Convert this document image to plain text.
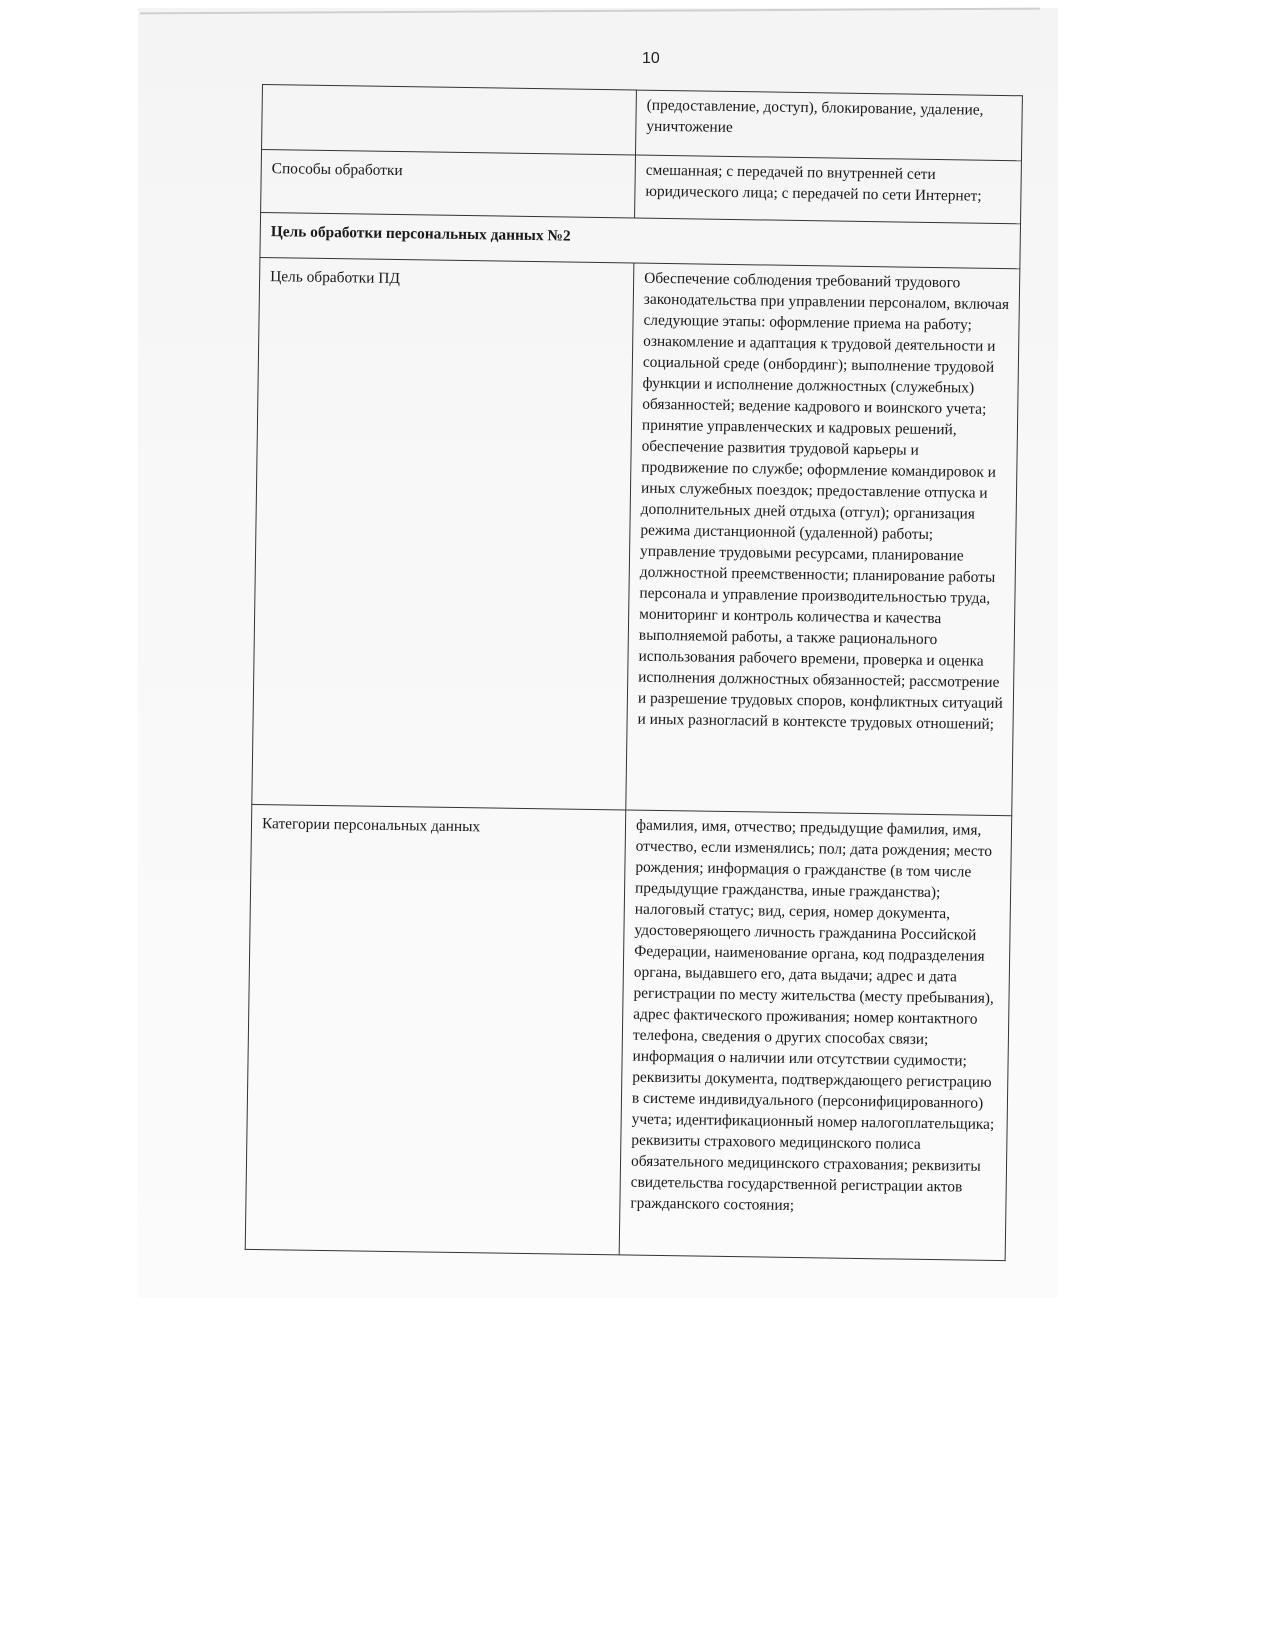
10
	(предоставление, доступ), блокирование, удаление, уничтожение
Способы обработки	смешанная; с передачей по внутренней сети юридического лица; с передачей по сети Интернет;
Цель обработки персональных данных №2	
Цель обработки ПД	Обеспечение соблюдения требований трудового законодательства при управлении персоналом, включая следующие этапы: оформление приема на работу; ознакомление и адаптация к трудовой деятельности и социальной среде (онбординг); выполнение трудовой функции и исполнение должностных (служебных) обязанностей; ведение кадрового и воинского учета; принятие управленческих и кадровых решений, обеспечение развития трудовой карьеры и продвижение по службе; оформление командировок и иных служебных поездок; предоставление отпуска и дополнительных дней отдыха (отгул); организация режима дистанционной (удаленной) работы; управление трудовыми ресурсами, планирование должностной преемственности; планирование работы персонала и управление производительностью труда, мониторинг и контроль количества и качества выполняемой работы, а также рационального использования рабочего времени, проверка и оценка исполнения должностных обязанностей; рассмотрение и разрешение трудовых споров, конфликтных ситуаций и иных разногласий в контексте трудовых отношений;
Категории персональных данных	фамилия, имя, отчество; предыдущие фамилия, имя, отчество, если изменялись; пол; дата рождения; место рождения; информация о гражданстве (в том числе предыдущие гражданства, иные гражданства); налоговый статус; вид, серия, номер документа, удостоверяющего личность гражданина Российской Федерации, наименование органа, код подразделения органа, выдавшего его, дата выдачи; адрес и дата регистрации по месту жительства (месту пребывания), адрес фактического проживания; номер контактного телефона, сведения о других способах связи; информация о наличии или отсутствии судимости; реквизиты документа, подтверждающего регистрацию в системе индивидуального (персонифицированного) учета; идентификационный номер налогоплательщика; реквизиты страхового медицинского полиса обязательного медицинского страхования; реквизиты свидетельства государственной регистрации актов гражданского состояния;
